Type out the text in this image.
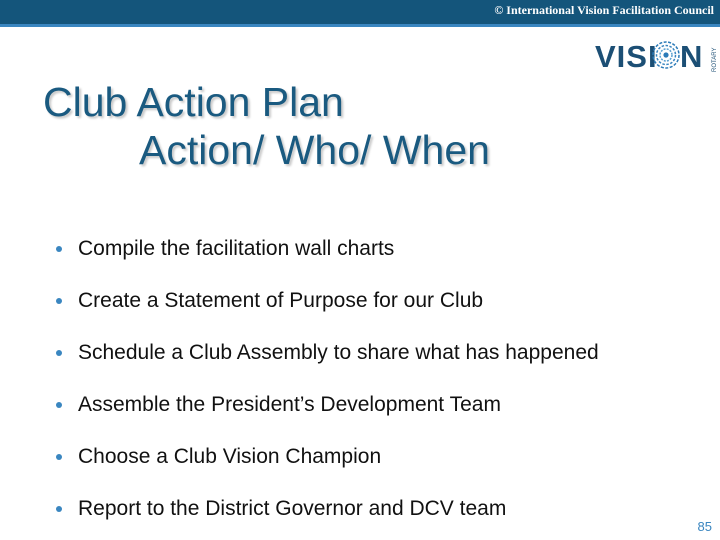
© International Vision Facilitation Council
VISI N ROTARY
Club Action Plan
Action/ Who/ When
Compile the facilitation wall charts
Create a Statement of Purpose for our Club
Schedule a Club Assembly to share what has happened
Assemble the President’s Development Team
Choose a Club Vision Champion
Report to the District Governor and DCV team
85
